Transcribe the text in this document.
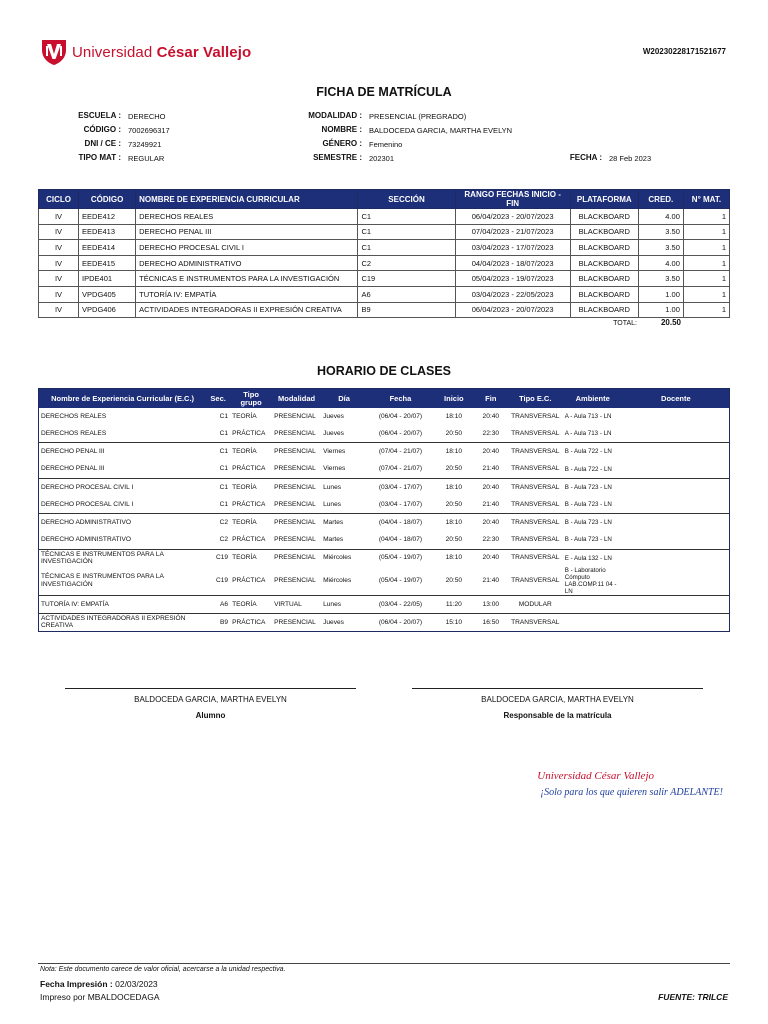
Universidad César Vallejo	W20230228171521677
FICHA DE MATRÍCULA
ESCUELA : DERECHO
CÓDIGO : 7002696317
DNI / CE : 73249921
TIPO MAT : REGULAR
MODALIDAD : PRESENCIAL (PREGRADO)
NOMBRE : BALDOCEDA GARCIA, MARTHA EVELYN
GÉNERO : Femenino
SEMESTRE : 202301	FECHA : 28 Feb 2023
CICLO	CÓDIGO	NOMBRE DE EXPERIENCIA CURRICULAR	SECCIÓN	RANGO FECHAS INICIO - FIN	PLATAFORMA	CRED.	N° MAT.
IV	EEDE412	DERECHOS REALES	C1	06/04/2023 - 20/07/2023	BLACKBOARD	4.00	1
IV	EEDE413	DERECHO PENAL III	C1	07/04/2023 - 21/07/2023	BLACKBOARD	3.50	1
IV	EEDE414	DERECHO PROCESAL CIVIL I	C1	03/04/2023 - 17/07/2023	BLACKBOARD	3.50	1
IV	EEDE415	DERECHO ADMINISTRATIVO	C2	04/04/2023 - 18/07/2023	BLACKBOARD	4.00	1
IV	IPDE401	TÉCNICAS E INSTRUMENTOS PARA LA INVESTIGACIÓN	C19	05/04/2023 - 19/07/2023	BLACKBOARD	3.50	1
IV	VPDG405	TUTORÍA IV: EMPATÍA	A6	03/04/2023 - 22/05/2023	BLACKBOARD	1.00	1
IV	VPDG406	ACTIVIDADES INTEGRADORAS II EXPRESIÓN CREATIVA	B9	06/04/2023 - 20/07/2023	BLACKBOARD	1.00	1
TOTAL:	20.50
HORARIO DE CLASES
Nombre de Experiencia Curricular (E.C.)	Sec.	Tipo grupo	Modalidad	Día	Fecha	Inicio	Fin	Tipo E.C.	Ambiente	Docente
DERECHOS REALES	C1	TEORÍA	PRESENCIAL	Jueves	(06/04 - 20/07)	18:10	20:40	TRANSVERSAL	A - Aula 713 - LN	
DERECHOS REALES	C1	PRÁCTICA	PRESENCIAL	Jueves	(06/04 - 20/07)	20:50	22:30	TRANSVERSAL	A - Aula 713 - LN	
DERECHO PENAL III	C1	TEORÍA	PRESENCIAL	Viernes	(07/04 - 21/07)	18:10	20:40	TRANSVERSAL	B - Aula 722 - LN	
DERECHO PENAL III	C1	PRÁCTICA	PRESENCIAL	Viernes	(07/04 - 21/07)	20:50	21:40	TRANSVERSAL	B - Aula 722 - LN	
DERECHO PROCESAL CIVIL I	C1	TEORÍA	PRESENCIAL	Lunes	(03/04 - 17/07)	18:10	20:40	TRANSVERSAL	B - Aula 723 - LN	
DERECHO PROCESAL CIVIL I	C1	PRÁCTICA	PRESENCIAL	Lunes	(03/04 - 17/07)	20:50	21:40	TRANSVERSAL	B - Aula 723 - LN	
DERECHO ADMINISTRATIVO	C2	TEORÍA	PRESENCIAL	Martes	(04/04 - 18/07)	18:10	20:40	TRANSVERSAL	B - Aula 723 - LN	
DERECHO ADMINISTRATIVO	C2	PRÁCTICA	PRESENCIAL	Martes	(04/04 - 18/07)	20:50	22:30	TRANSVERSAL	B - Aula 723 - LN	
TÉCNICAS E INSTRUMENTOS PARA LA INVESTIGACIÓN	C19	TEORÍA	PRESENCIAL	Miércoles	(05/04 - 19/07)	18:10	20:40	TRANSVERSAL	E - Aula 132 - LN	
TÉCNICAS E INSTRUMENTOS PARA LA INVESTIGACIÓN	C19	PRÁCTICA	PRESENCIAL	Miércoles	(05/04 - 19/07)	20:50	21:40	TRANSVERSAL	B - Laboratorio Cómputo LAB.COMP.11 04 - LN	
TUTORÍA IV: EMPATÍA	A6	TEORÍA	VIRTUAL	Lunes	(03/04 - 22/05)	11:20	13:00	MODULAR		
ACTIVIDADES INTEGRADORAS II EXPRESIÓN CREATIVA	B9	PRÁCTICA	PRESENCIAL	Jueves	(06/04 - 20/07)	15:10	16:50	TRANSVERSAL		
BALDOCEDA GARCIA, MARTHA EVELYN
Alumno
BALDOCEDA GARCIA, MARTHA EVELYN
Responsable de la matrícula
Universidad César Vallejo
¡Solo para los que quieren salir ADELANTE!
Nota: Este documento carece de valor oficial, acercarse a la unidad respectiva.
Fecha Impresión : 02/03/2023
Impreso por MBALDOCEDAGA	FUENTE: TRILCE
